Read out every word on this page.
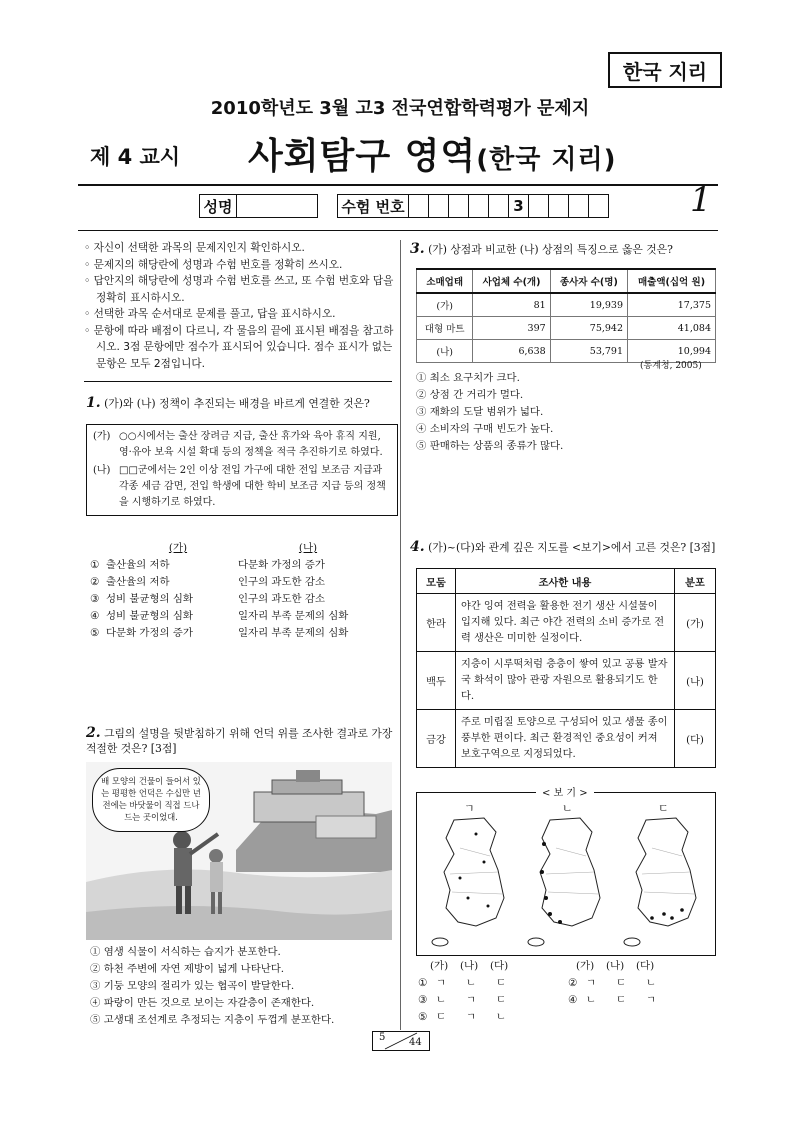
한국 지리
2010학년도 3월 고3 전국연합학력평가 문제지
제 4 교시 사회탐구 영역(한국 지리)
성명	수험 번호	3	1
◦ 자신이 선택한 과목의 문제지인지 확인하시오.
◦ 문제지의 해당란에 성명과 수험 번호를 정확히 쓰시오.
◦ 답안지의 해당란에 성명과 수험 번호를 쓰고, 또 수험 번호와 답을 정확히 표시하시오.
◦ 선택한 과목 순서대로 문제를 풀고, 답을 표시하시오.
◦ 문항에 따라 배점이 다르니, 각 물음의 끝에 표시된 배점을 참고하시오. 3점 문항에만 점수가 표시되어 있습니다. 점수 표시가 없는 문항은 모두 2점입니다.
1. (가)와 (나) 정책이 추진되는 배경을 바르게 연결한 것은?
(가) ○○시에서는 출산 장려금 지급, 출산 휴가와 육아 휴직 지원, 영·유아 보육 시설 확대 등의 정책을 적극 추진하기로 하였다.
(나) □□군에서는 2인 이상 전입 가구에 대한 전입 보조금 지급과 각종 세금 감면, 전입 학생에 대한 학비 보조금 지급 등의 정책을 시행하기로 하였다.
(가)	(나)
① 출산율의 저하	다문화 가정의 증가
② 출산율의 저하	인구의 과도한 감소
③ 성비 불균형의 심화	인구의 과도한 감소
④ 성비 불균형의 심화	일자리 부족 문제의 심화
⑤ 다문화 가정의 증가	일자리 부족 문제의 심화
2. 그림의 설명을 뒷받침하기 위해 언덕 위를 조사한 결과로 가장 적절한 것은? [3점]
배 모양의 건물이 들어서 있는 평평한 언덕은 수십만 년 전에는 바닷물이 직접 드나드는 곳이었대.
① 염생 식물이 서식하는 습지가 분포한다.
② 하천 주변에 자연 제방이 넓게 나타난다.
③ 기둥 모양의 절리가 있는 협곡이 발달한다.
④ 파랑이 만든 것으로 보이는 자갈층이 존재한다.
⑤ 고생대 조선계로 추정되는 지층이 두껍게 분포한다.
3. (가) 상점과 비교한 (나) 상점의 특징으로 옳은 것은?
소매업태	사업체 수(개)	종사자 수(명)	매출액(십억 원)
(가)	81	19,939	17,375
대형 마트	397	75,942	41,084
(나)	6,638	53,791	10,994
(통계청, 2005)
① 최소 요구치가 크다.
② 상점 간 거리가 멀다.
③ 재화의 도달 범위가 넓다.
④ 소비자의 구매 빈도가 높다.
⑤ 판매하는 상품의 종류가 많다.
4. (가)~(다)와 관계 깊은 지도를 <보기>에서 고른 것은? [3점]
모둠	조사한 내용	분포
한라	야간 잉여 전력을 활용한 전기 생산 시설물이 입지해 있다. 최근 야간 전력의 소비 증가로 전력 생산은 미미한 실정이다.	(가)
백두	지층이 시루떡처럼 층층이 쌓여 있고 공룡 발자국 화석이 많아 관광 자원으로 활용되기도 한다.	(나)
금강	주로 미립질 토양으로 구성되어 있고 생물 종이 풍부한 편이다. 최근 환경적인 중요성이 커져 보호구역으로 지정되었다.	(다)
< 보 기 >
ㄱ	ㄴ	ㄷ
(가)	(나)	(다)	(가)	(나)	(다)
① ㄱ	ㄴ	ㄷ	② ㄱ	ㄷ	ㄴ
③ ㄴ	ㄱ	ㄷ	④ ㄴ	ㄷ	ㄱ
⑤ ㄷ	ㄱ	ㄴ
5 44
